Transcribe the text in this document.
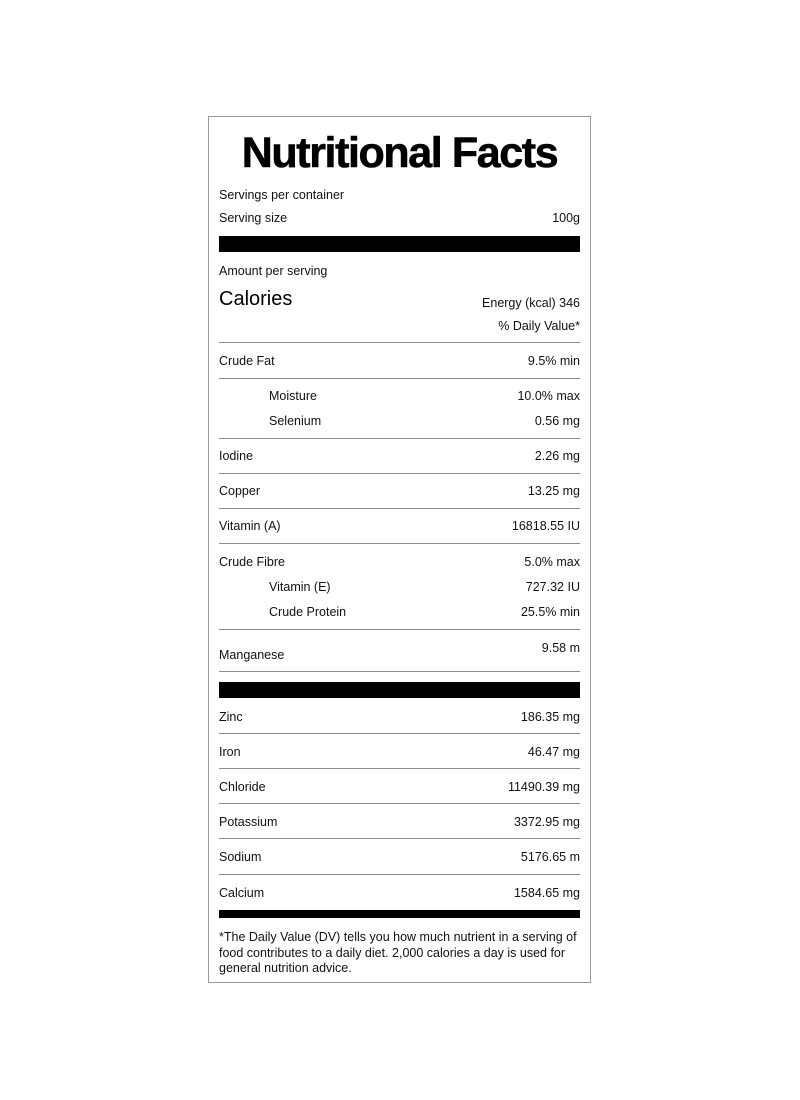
Nutritional Facts
Servings per container
Serving size	100g
Amount per serving
Calories	Energy (kcal) 346
% Daily Value*
Crude Fat	9.5% min
Moisture	10.0% max
Selenium	0.56 mg
Iodine	2.26 mg
Copper	13.25 mg
Vitamin (A)	16818.55 IU
Crude Fibre	5.0% max
Vitamin (E)	727.32 IU
Crude Protein	25.5% min
Manganese	9.58 m
Zinc	186.35 mg
Iron	46.47 mg
Chloride	11490.39 mg
Potassium	3372.95 mg
Sodium	5176.65 m
Calcium	1584.65 mg
*The Daily Value (DV) tells you how much nutrient in a serving of food contributes to a daily diet. 2,000 calories a day is used for general nutrition advice.
